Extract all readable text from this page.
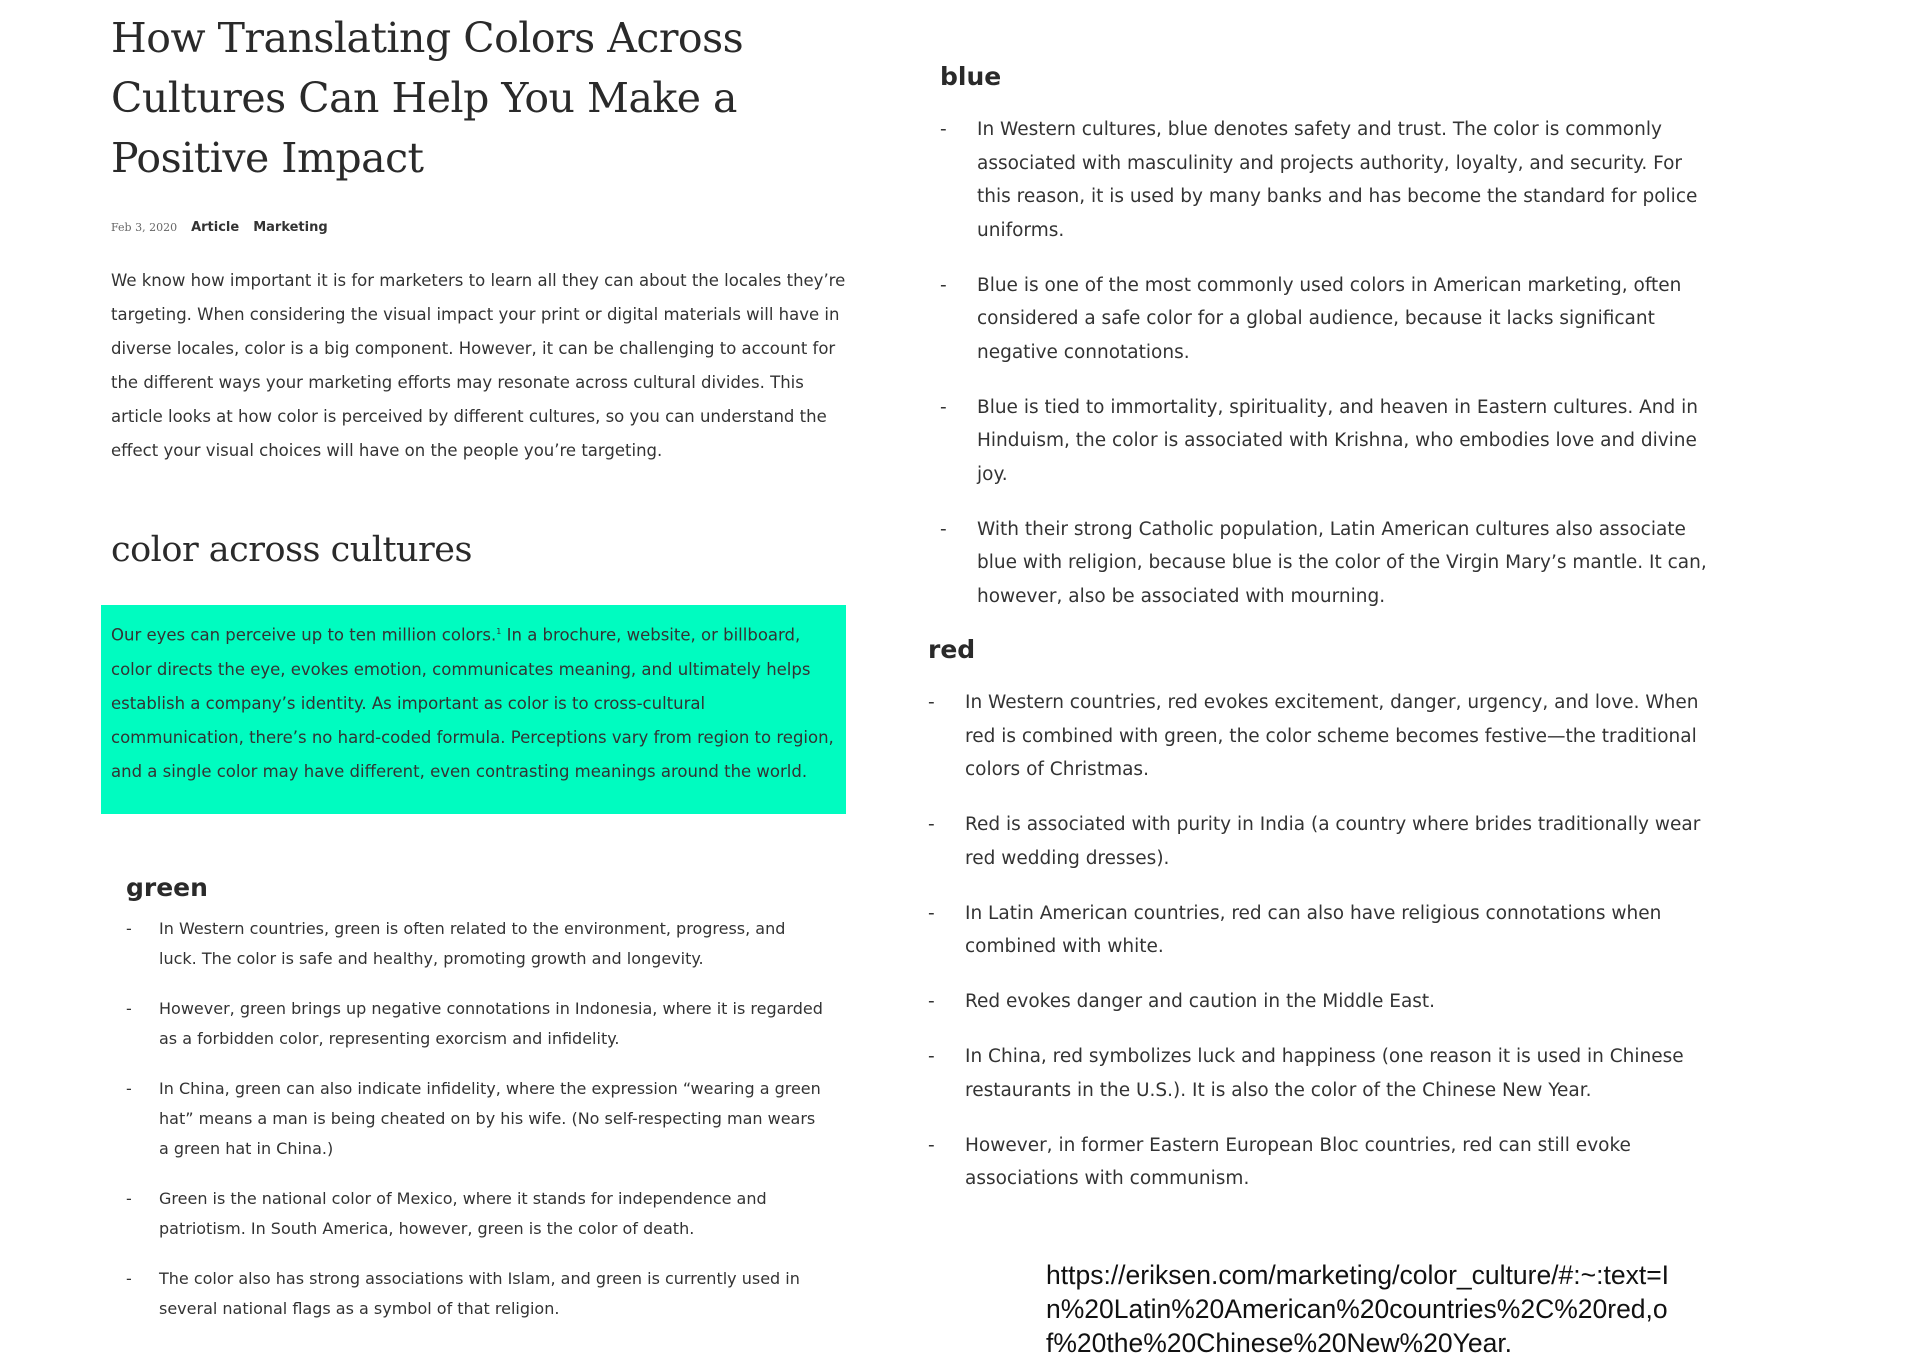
How Translating Colors Across Cultures Can Help You Make a Positive Impact
Feb 3, 2020 Article Marketing

We know how important it is for marketers to learn all they can about the locales they’re targeting. When considering the visual impact your print or digital materials will have in diverse locales, color is a big component. However, it can be challenging to account for the different ways your marketing efforts may resonate across cultural divides. This article looks at how color is perceived by different cultures, so you can understand the effect your visual choices will have on the people you’re targeting.

color across cultures

Our eyes can perceive up to ten million colors.$^1$ In a brochure, website, or billboard, color directs the eye, evokes emotion, communicates meaning, and ultimately helps establish a company’s identity. As important as color is to cross-cultural communication, there’s no hard-coded formula. Perceptions vary from region to region, and a single color may have different, even contrasting meanings around the world.

green
- In Western countries, green is often related to the environment, progress, and luck. The color is safe and healthy, promoting growth and longevity.
- However, green brings up negative connotations in Indonesia, where it is regarded as a forbidden color, representing exorcism and infidelity.
- In China, green can also indicate infidelity, where the expression “wearing a green hat” means a man is being cheated on by his wife. (No self-respecting man wears a green hat in China.)
- Green is the national color of Mexico, where it stands for independence and patriotism. In South America, however, green is the color of death.
- The color also has strong associations with Islam, and green is currently used in several national flags as a symbol of that religion.
blue
- In Western cultures, blue denotes safety and trust. The color is commonly associated with masculinity and projects authority, loyalty, and security. For this reason, it is used by many banks and has become the standard for police uniforms.
- Blue is one of the most commonly used colors in American marketing, often considered a safe color for a global audience, because it lacks significant negative connotations.
- Blue is tied to immortality, spirituality, and heaven in Eastern cultures. And in Hinduism, the color is associated with Krishna, who embodies love and divine joy.
- With their strong Catholic population, Latin American cultures also associate blue with religion, because blue is the color of the Virgin Mary’s mantle. It can, however, also be associated with mourning.
red
- In Western countries, red evokes excitement, danger, urgency, and love. When red is combined with green, the color scheme becomes festive—the traditional colors of Christmas.
- Red is associated with purity in India (a country where brides traditionally wear red wedding dresses).
- In Latin American countries, red can also have religious connotations when combined with white.
- Red evokes danger and caution in the Middle East.
- In China, red symbolizes luck and happiness (one reason it is used in Chinese restaurants in the U.S.). It is also the color of the Chinese New Year.
- However, in former Eastern European Bloc countries, red can still evoke associations with communism.

https://eriksen.com/marketing/color_culture/#:~:text=In%20Latin%20American%20countries%2C%20red,of%20the%20Chinese%20New%20Year.
